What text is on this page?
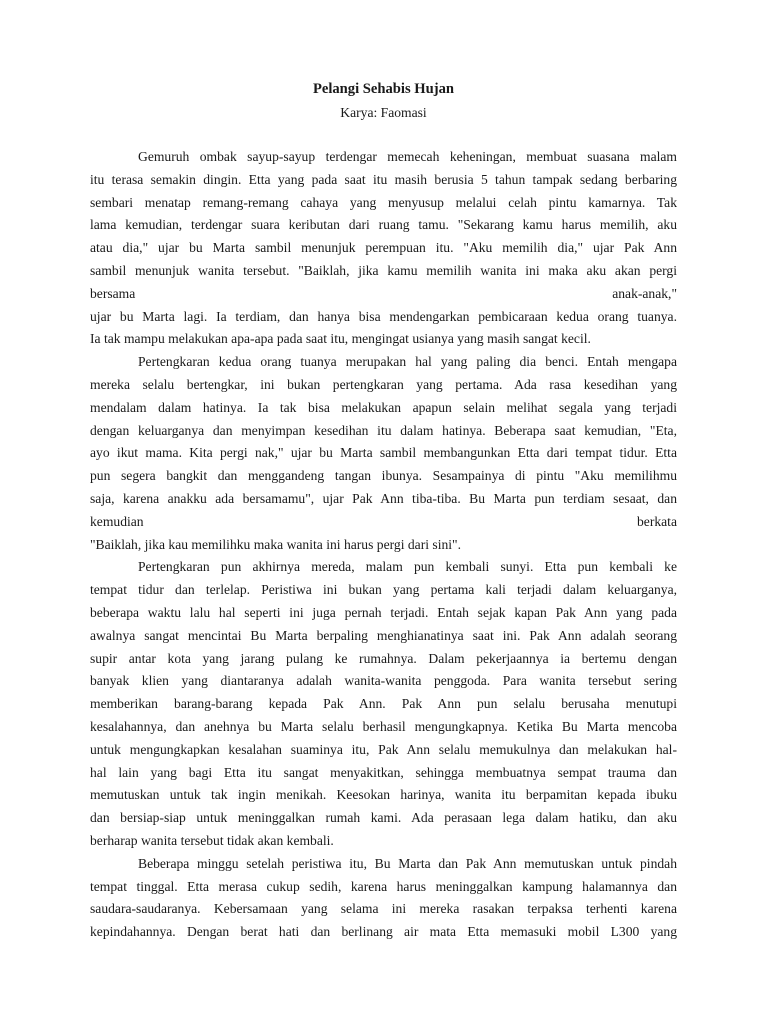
Pelangi Sehabis Hujan

Karya: Faomasi

Gemuruh ombak sayup-sayup terdengar memecah keheningan, membuat suasana malam
itu terasa semakin dingin. Etta yang pada saat itu masih berusia 5 tahun tampak sedang berbaring
sembari menatap remang-remang cahaya yang menyusup melalui celah pintu kamarnya. Tak
lama kemudian, terdengar suara keributan dari ruang tamu. "Sekarang kamu harus memilih, aku
atau dia," ujar bu Marta sambil menunjuk perempuan itu. "Aku memilih dia," ujar Pak Ann
sambil menunjuk wanita tersebut. "Baiklah, jika kamu memilih wanita ini maka aku akan pergi
bersama anak-anak,"
ujar bu Marta lagi. Ia terdiam, dan hanya bisa mendengarkan pembicaraan kedua orang tuanya.
Ia tak mampu melakukan apa-apa pada saat itu, mengingat usianya yang masih sangat kecil.
Pertengkaran kedua orang tuanya merupakan hal yang paling dia benci. Entah mengapa
mereka selalu bertengkar, ini bukan pertengkaran yang pertama. Ada rasa kesedihan yang
mendalam dalam hatinya. Ia tak bisa melakukan apapun selain melihat segala yang terjadi
dengan keluarganya dan menyimpan kesedihan itu dalam hatinya. Beberapa saat kemudian, "Eta,
ayo ikut mama. Kita pergi nak," ujar bu Marta sambil membangunkan Etta dari tempat tidur. Etta
pun segera bangkit dan menggandeng tangan ibunya. Sesampainya di pintu "Aku memilihmu
saja, karena anakku ada bersamamu", ujar Pak Ann tiba-tiba. Bu Marta pun terdiam sesaat, dan
kemudian berkata
"Baiklah, jika kau memilihku maka wanita ini harus pergi dari sini".
Pertengkaran pun akhirnya mereda, malam pun kembali sunyi. Etta pun kembali ke
tempat tidur dan terlelap. Peristiwa ini bukan yang pertama kali terjadi dalam keluarganya,
beberapa waktu lalu hal seperti ini juga pernah terjadi. Entah sejak kapan Pak Ann yang pada
awalnya sangat mencintai Bu Marta berpaling menghianatinya saat ini. Pak Ann adalah seorang
supir antar kota yang jarang pulang ke rumahnya. Dalam pekerjaannya ia bertemu dengan
banyak klien yang diantaranya adalah wanita-wanita penggoda. Para wanita tersebut sering
memberikan barang-barang kepada Pak Ann. Pak Ann pun selalu berusaha menutupi
kesalahannya, dan anehnya bu Marta selalu berhasil mengungkapnya. Ketika Bu Marta mencoba
untuk mengungkapkan kesalahan suaminya itu, Pak Ann selalu memukulnya dan melakukan hal-
hal lain yang bagi Etta itu sangat menyakitkan, sehingga membuatnya sempat trauma dan
memutuskan untuk tak ingin menikah. Keesokan harinya, wanita itu berpamitan kepada ibuku
dan bersiap-siap untuk meninggalkan rumah kami. Ada perasaan lega dalam hatiku, dan aku
berharap wanita tersebut tidak akan kembali.
Beberapa minggu setelah peristiwa itu, Bu Marta dan Pak Ann memutuskan untuk pindah
tempat tinggal. Etta merasa cukup sedih, karena harus meninggalkan kampung halamannya dan
saudara-saudaranya. Kebersamaan yang selama ini mereka rasakan terpaksa terhenti karena
kepindahannya. Dengan berat hati dan berlinang air mata Etta memasuki mobil L300 yang
